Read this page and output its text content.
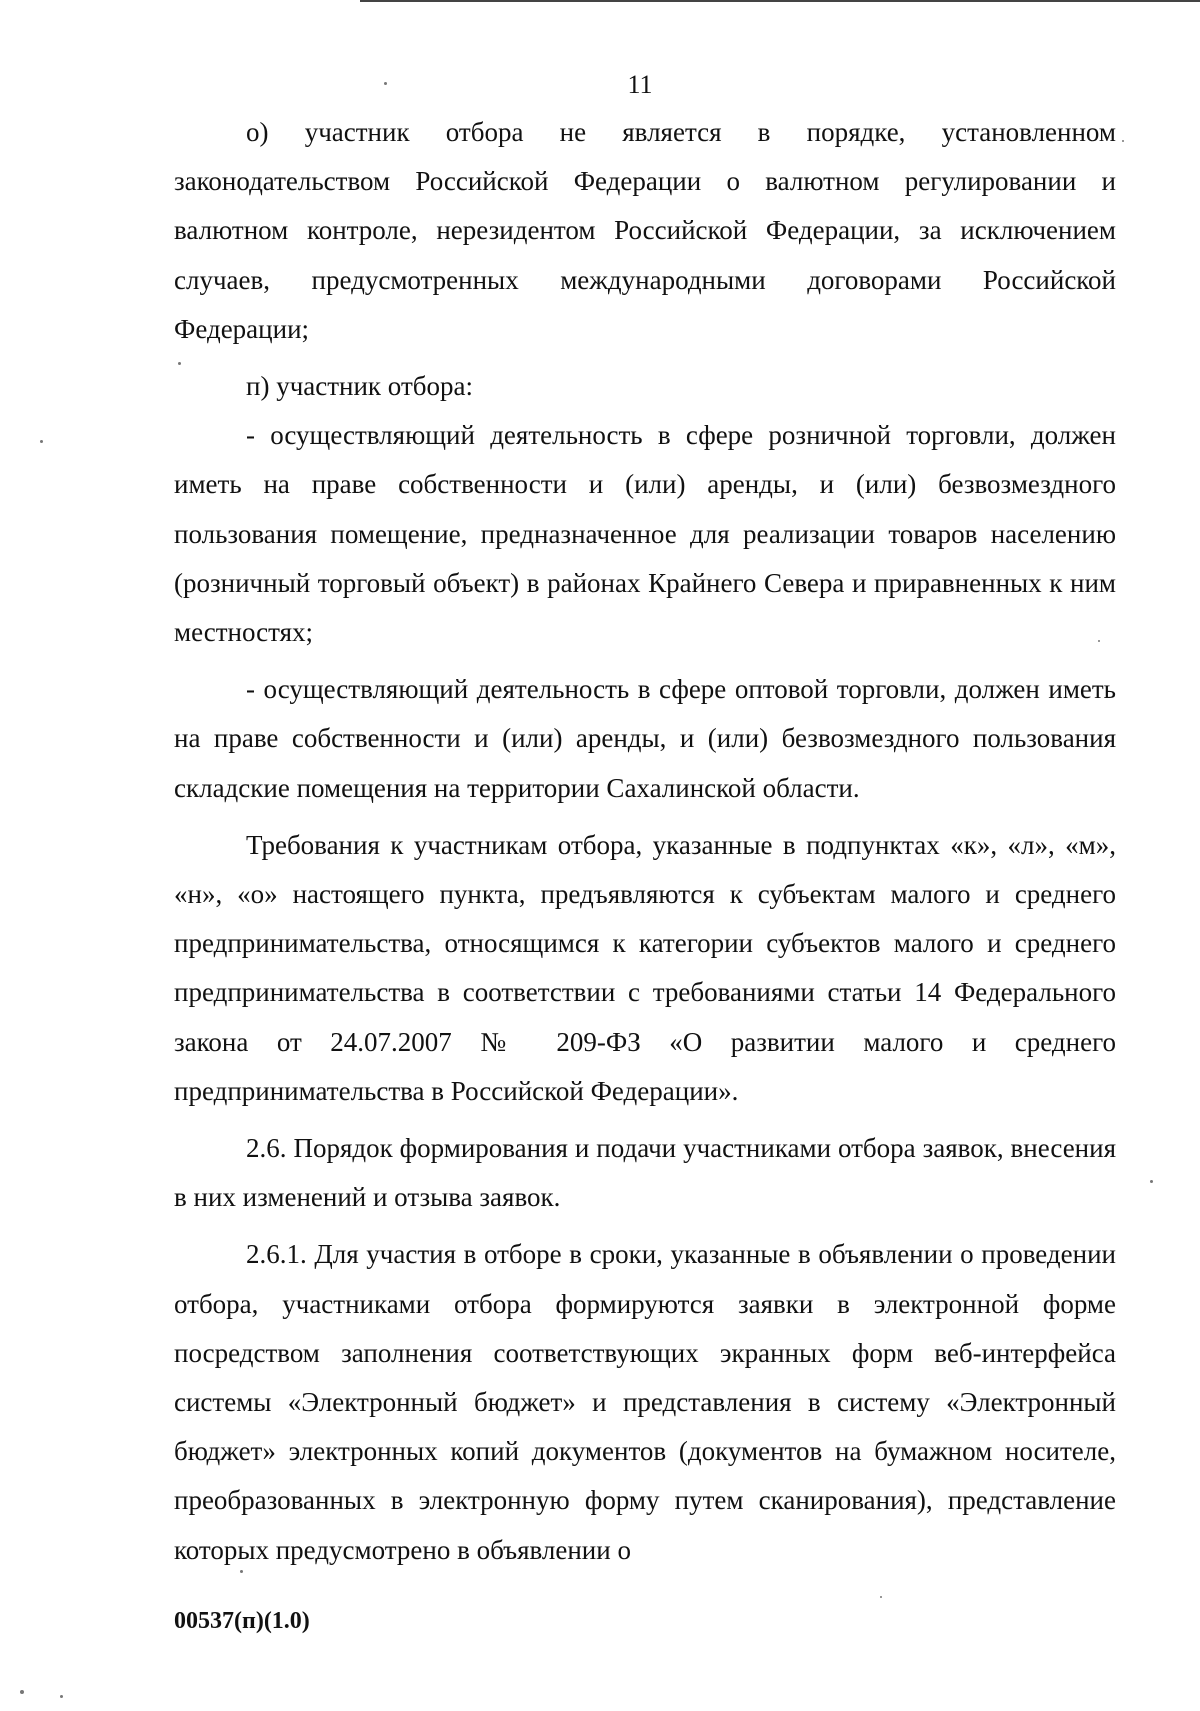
11

о) участник отбора не является в порядке, установленном законодательством Российской Федерации о валютном регулировании и валютном контроле, нерезидентом Российской Федерации, за исключением случаев, предусмотренных международными договорами Российской Федерации;

п) участник отбора:

- осуществляющий деятельность в сфере розничной торговли, должен иметь на праве собственности и (или) аренды, и (или) безвозмездного пользования помещение, предназначенное для реализации товаров населению (розничный торговый объект) в районах Крайнего Севера и приравненных к ним местностях;

- осуществляющий деятельность в сфере оптовой торговли, должен иметь на праве собственности и (или) аренды, и (или) безвозмездного пользования складские помещения на территории Сахалинской области.

Требования к участникам отбора, указанные в подпунктах «к», «л», «м», «н», «о» настоящего пункта, предъявляются к субъектам малого и среднего предпринимательства, относящимся к категории субъектов малого и среднего предпринимательства в соответствии с требованиями статьи 14 Федерального закона от 24.07.2007 № 209-ФЗ «О развитии малого и среднего предпринимательства в Российской Федерации».

2.6. Порядок формирования и подачи участниками отбора заявок, внесения в них изменений и отзыва заявок.

2.6.1. Для участия в отборе в сроки, указанные в объявлении о проведении отбора, участниками отбора формируются заявки в электронной форме посредством заполнения соответствующих экранных форм веб-интерфейса системы «Электронный бюджет» и представления в систему «Электронный бюджет» электронных копий документов (документов на бумажном носителе, преобразованных в электронную форму путем сканирования), представление которых предусмотрено в объявлении о

00537(п)(1.0)
